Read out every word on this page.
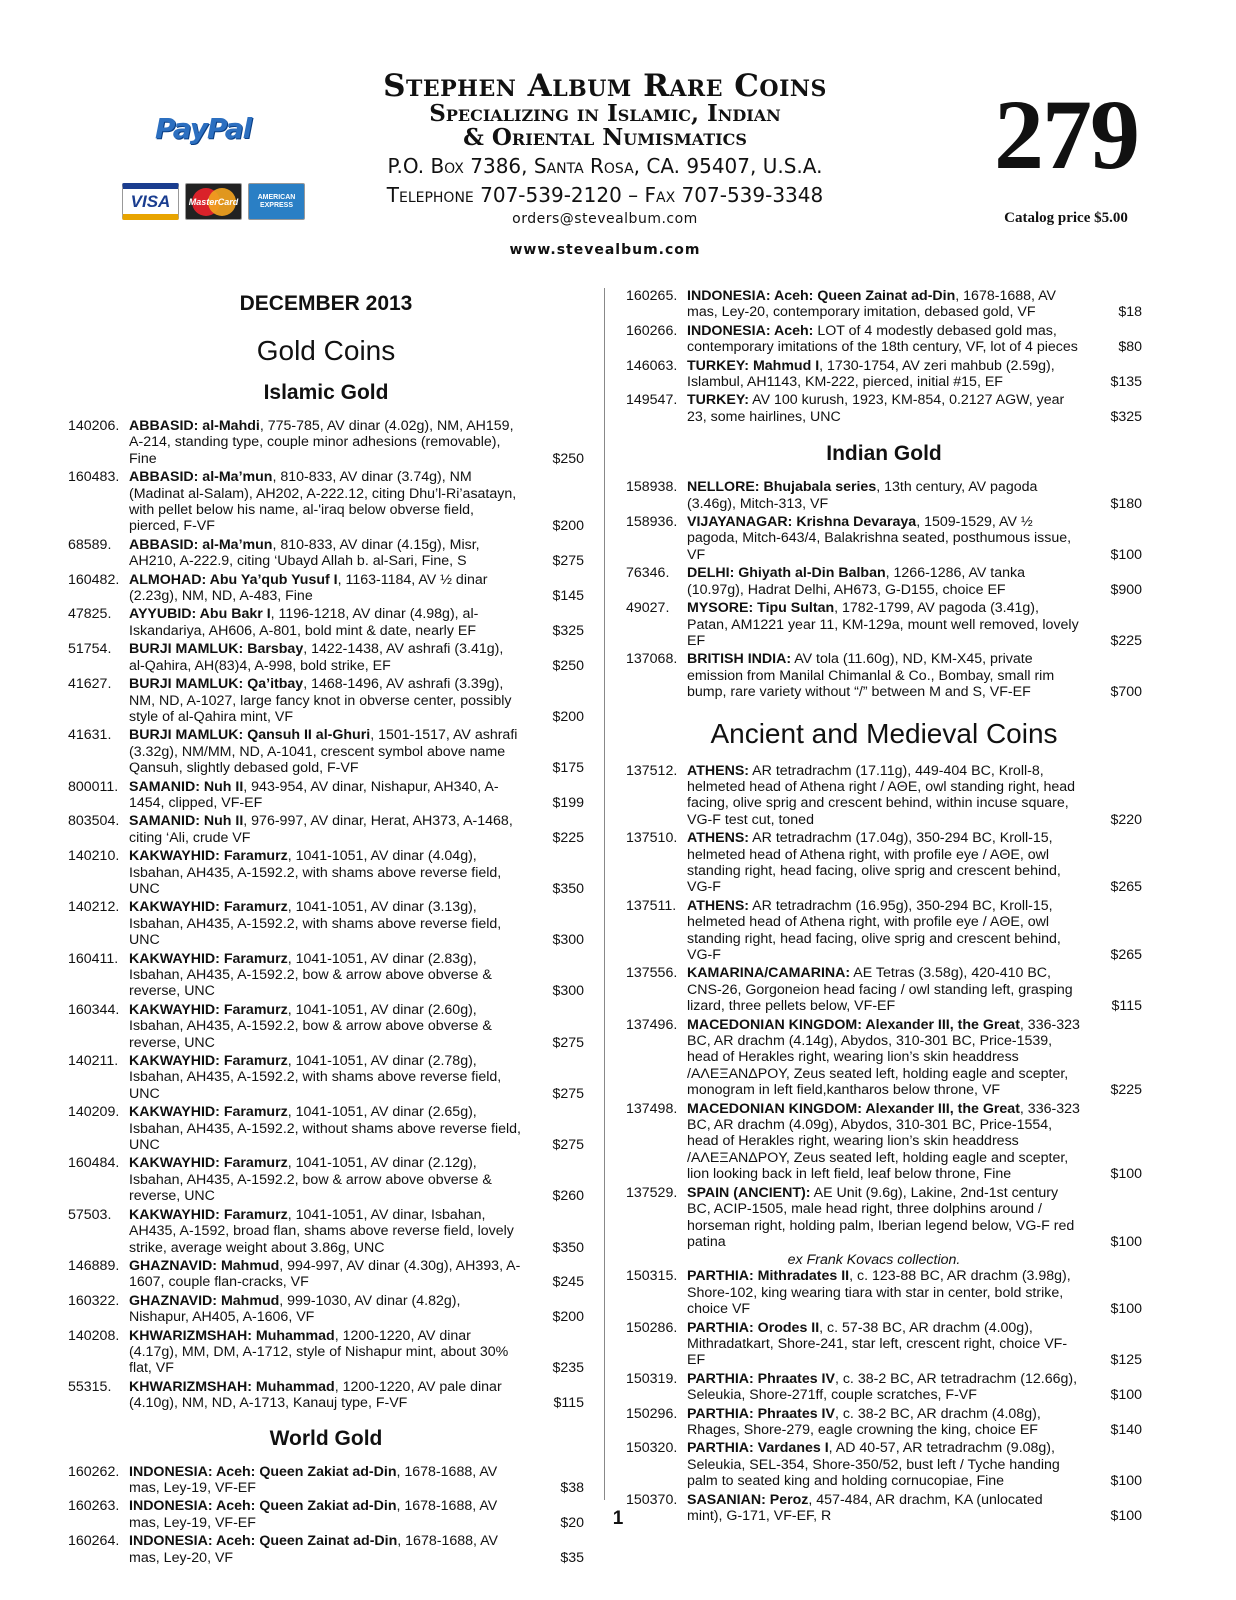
PayPal
VISA	MasterCard	AMERICAN EXPRESS
Stephen Album Rare Coins
Specializing in Islamic, Indian
& Oriental Numismatics
P.O. Box 7386, Santa Rosa, CA. 95407, U.S.A.
Telephone 707-539-2120 – Fax 707-539-3348
orders@stevealbum.com
www.stevealbum.com
279
Catalog price $5.00
DECEMBER 2013
Gold Coins
Islamic Gold
140206. ABBASID: al-Mahdi, 775-785, AV dinar (4.02g), NM, AH159, A-214, standing type, couple minor adhesions (removable), Fine	$250
160483. ABBASID: al-Ma’mun, 810-833, AV dinar (3.74g), NM (Madinat al-Salam), AH202, A-222.12, citing Dhu’l-Ri’asatayn, with pellet below his name, al-'iraq below obverse field, pierced, F-VF	$200
68589.	ABBASID: al-Ma’mun, 810-833, AV dinar (4.15g), Misr, AH210, A-222.9, citing ‘Ubayd Allah b. al-Sari, Fine, S	$275
160482. ALMOHAD: Abu Ya’qub Yusuf I, 1163-1184, AV ½ dinar (2.23g), NM, ND, A-483, Fine	$145
47825.	AYYUBID: Abu Bakr I, 1196-1218, AV dinar (4.98g), al-Iskandariya, AH606, A-801, bold mint & date, nearly EF	$325
51754.	BURJI MAMLUK: Barsbay, 1422-1438, AV ashrafi (3.41g), al-Qahira, AH(83)4, A-998, bold strike, EF	$250
41627.	BURJI MAMLUK: Qa’itbay, 1468-1496, AV ashrafi (3.39g), NM, ND, A-1027, large fancy knot in obverse center, possibly style of al-Qahira mint, VF	$200
41631.	BURJI MAMLUK: Qansuh II al-Ghuri, 1501-1517, AV ashrafi (3.32g), NM/MM, ND, A-1041, crescent symbol above name Qansuh, slightly debased gold, F-VF	$175
800011. SAMANID: Nuh II, 943-954, AV dinar, Nishapur, AH340, A-1454, clipped, VF-EF	$199
803504. SAMANID: Nuh II, 976-997, AV dinar, Herat, AH373, A-1468, citing ‘Ali, crude VF	$225
140210. KAKWAYHID: Faramurz, 1041-1051, AV dinar (4.04g), Isbahan, AH435, A-1592.2, with shams above reverse field, UNC	$350
140212. KAKWAYHID: Faramurz, 1041-1051, AV dinar (3.13g), Isbahan, AH435, A-1592.2, with shams above reverse field, UNC	$300
160411. KAKWAYHID: Faramurz, 1041-1051, AV dinar (2.83g), Isbahan, AH435, A-1592.2, bow & arrow above obverse & reverse, UNC	$300
160344. KAKWAYHID: Faramurz, 1041-1051, AV dinar (2.60g), Isbahan, AH435, A-1592.2, bow & arrow above obverse & reverse, UNC	$275
140211. KAKWAYHID: Faramurz, 1041-1051, AV dinar (2.78g), Isbahan, AH435, A-1592.2, with shams above reverse field, UNC	$275
140209. KAKWAYHID: Faramurz, 1041-1051, AV dinar (2.65g), Isbahan, AH435, A-1592.2, without shams above reverse field, UNC	$275
160484. KAKWAYHID: Faramurz, 1041-1051, AV dinar (2.12g), Isbahan, AH435, A-1592.2, bow & arrow above obverse & reverse, UNC	$260
57503.	KAKWAYHID: Faramurz, 1041-1051, AV dinar, Isbahan, AH435, A-1592, broad flan, shams above reverse field, lovely strike, average weight about 3.86g, UNC	$350
146889. GHAZNAVID: Mahmud, 994-997, AV dinar (4.30g), AH393, A-1607, couple flan-cracks, VF	$245
160322. GHAZNAVID: Mahmud, 999-1030, AV dinar (4.82g), Nishapur, AH405, A-1606, VF	$200
140208. KHWARIZMSHAH: Muhammad, 1200-1220, AV dinar (4.17g), MM, DM, A-1712, style of Nishapur mint, about 30% flat, VF	$235
55315.	KHWARIZMSHAH: Muhammad, 1200-1220, AV pale dinar (4.10g), NM, ND, A-1713, Kanauj type, F-VF	$115
World Gold
160262. INDONESIA: Aceh: Queen Zakiat ad-Din, 1678-1688, AV mas, Ley-19, VF-EF	$38
160263. INDONESIA: Aceh: Queen Zakiat ad-Din, 1678-1688, AV mas, Ley-19, VF-EF	$20
160264. INDONESIA: Aceh: Queen Zainat ad-Din, 1678-1688, AV mas, Ley-20, VF	$35
160265. INDONESIA: Aceh: Queen Zainat ad-Din, 1678-1688, AV mas, Ley-20, contemporary imitation, debased gold, VF	$18
160266. INDONESIA: Aceh: LOT of 4 modestly debased gold mas, contemporary imitations of the 18th century, VF, lot of 4 pieces	$80
146063. TURKEY: Mahmud I, 1730-1754, AV zeri mahbub (2.59g), Islambul, AH1143, KM-222, pierced, initial #15, EF	$135
149547. TURKEY: AV 100 kurush, 1923, KM-854, 0.2127 AGW, year 23, some hairlines, UNC	$325
Indian Gold
158938. NELLORE: Bhujabala series, 13th century, AV pagoda (3.46g), Mitch-313, VF	$180
158936. VIJAYANAGAR: Krishna Devaraya, 1509-1529, AV ½ pagoda, Mitch-643/4, Balakrishna seated, posthumous issue, VF	$100
76346.	DELHI: Ghiyath al-Din Balban, 1266-1286, AV tanka (10.97g), Hadrat Delhi, AH673, G-D155, choice EF	$900
49027.	MYSORE: Tipu Sultan, 1782-1799, AV pagoda (3.41g), Patan, AM1221 year 11, KM-129a, mount well removed, lovely EF	$225
137068. BRITISH INDIA: AV tola (11.60g), ND, KM-X45, private emission from Manilal Chimanlal & Co., Bombay, small rim bump, rare variety without “/” between M and S, VF-EF	$700
Ancient and Medieval Coins
137512. ATHENS: AR tetradrachm (17.11g), 449-404 BC, Kroll-8, helmeted head of Athena right / AΘE, owl standing right, head facing, olive sprig and crescent behind, within incuse square, VG-F test cut, toned	$220
137510. ATHENS: AR tetradrachm (17.04g), 350-294 BC, Kroll-15, helmeted head of Athena right, with profile eye / AΘE, owl standing right, head facing, olive sprig and crescent behind, VG-F	$265
137511. ATHENS: AR tetradrachm (16.95g), 350-294 BC, Kroll-15, helmeted head of Athena right, with profile eye / AΘE, owl standing right, head facing, olive sprig and crescent behind, VG-F	$265
137556. KAMARINA/CAMARINA: AE Tetras (3.58g), 420-410 BC, CNS-26, Gorgoneion head facing / owl standing left, grasping lizard, three pellets below, VF-EF	$115
137496. MACEDONIAN KINGDOM: Alexander III, the Great, 336-323 BC, AR drachm (4.14g), Abydos, 310-301 BC, Price-1539, head of Herakles right, wearing lion’s skin headdress /AΛEΞANΔPOY, Zeus seated left, holding eagle and scepter, monogram in left field,kantharos below throne, VF	$225
137498. MACEDONIAN KINGDOM: Alexander III, the Great, 336-323 BC, AR drachm (4.09g), Abydos, 310-301 BC, Price-1554, head of Herakles right, wearing lion’s skin headdress /AΛEΞANΔPOY, Zeus seated left, holding eagle and scepter, lion looking back in left field, leaf below throne, Fine	$100
137529. SPAIN (ANCIENT): AE Unit (9.6g), Lakine, 2nd-1st century BC, ACIP-1505, male head right, three dolphins around / horseman right, holding palm, Iberian legend below, VG-F red patina	$100
ex Frank Kovacs collection.
150315. PARTHIA: Mithradates II, c. 123-88 BC, AR drachm (3.98g), Shore-102, king wearing tiara with star in center, bold strike, choice VF	$100
150286. PARTHIA: Orodes II, c. 57-38 BC, AR drachm (4.00g), Mithradatkart, Shore-241, star left, crescent right, choice VF-EF	$125
150319. PARTHIA: Phraates IV, c. 38-2 BC, AR tetradrachm (12.66g), Seleukia, Shore-271ff, couple scratches, F-VF	$100
150296. PARTHIA: Phraates IV, c. 38-2 BC, AR drachm (4.08g), Rhages, Shore-279, eagle crowning the king, choice EF	$140
150320. PARTHIA: Vardanes I, AD 40-57, AR tetradrachm (9.08g), Seleukia, SEL-354, Shore-350/52, bust left / Tyche handing palm to seated king and holding cornucopiae, Fine	$100
150370. SASANIAN: Peroz, 457-484, AR drachm, KA (unlocated mint), G-171, VF-EF, R	$100
1
